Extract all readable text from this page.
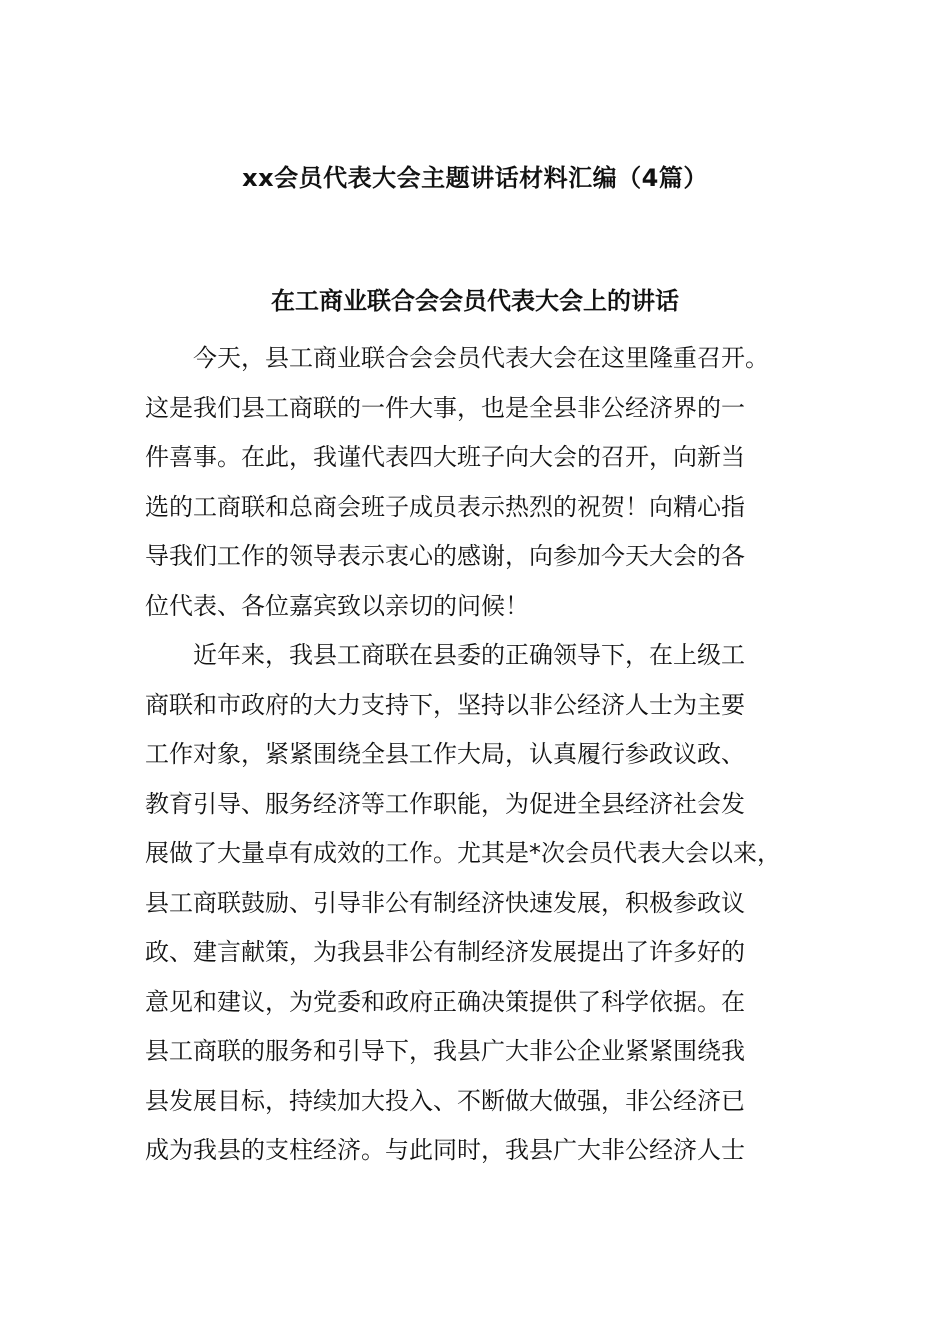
xx会员代表大会主题讲话材料汇编（4篇）
在工商业联合会会员代表大会上的讲话
　　今天，县工商业联合会会员代表大会在这里隆重召开。
这是我们县工商联的一件大事，也是全县非公经济界的一
件喜事。在此，我谨代表四大班子向大会的召开，向新当
选的工商联和总商会班子成员表示热烈的祝贺！向精心指
导我们工作的领导表示衷心的感谢，向参加今天大会的各
位代表、各位嘉宾致以亲切的问候！
　　近年来，我县工商联在县委的正确领导下，在上级工
商联和市政府的大力支持下，坚持以非公经济人士为主要
工作对象，紧紧围绕全县工作大局，认真履行参政议政、
教育引导、服务经济等工作职能，为促进全县经济社会发
展做了大量卓有成效的工作。尤其是*次会员代表大会以来，
县工商联鼓励、引导非公有制经济快速发展，积极参政议
政、建言献策，为我县非公有制经济发展提出了许多好的
意见和建议，为党委和政府正确决策提供了科学依据。在
县工商联的服务和引导下，我县广大非公企业紧紧围绕我
县发展目标，持续加大投入、不断做大做强，非公经济已
成为我县的支柱经济。与此同时，我县广大非公经济人士
